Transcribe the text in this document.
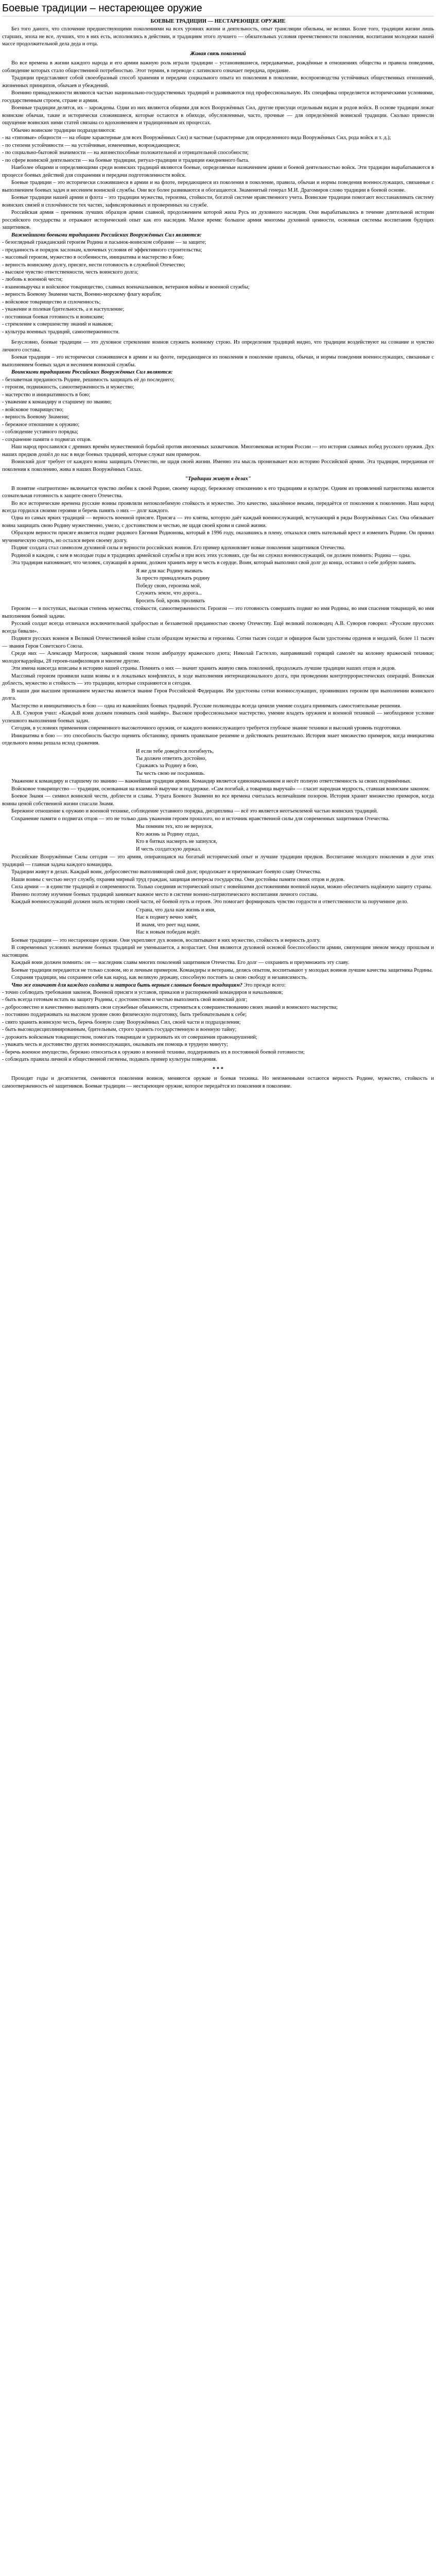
Боевые традиции – нестареющее оружие
БОЕВЫЕ ТРАДИЦИИ — НЕСТАРЕЮЩЕЕ ОРУЖИЕ

Без того даного, что сплочение предшествующими поколениями на всех уровнях жизни и деятельность, опыт трансляции обильны, не велики. Более того, традиции жизни лишь старших, эпоха не все, лучших, что в них есть, исполнялись в действии, и традициям этого лучшего — обязательных условия преемственности поколения, воспитания молодежи нашей массе продолжительной дела деда и отца.

Живая связь поколений

Во все времена в жизни каждого народа и его армии важную роль играли традиции – установившиеся, передаваемые, рождённые в отношениях общества и правила поведения, соблюдение которых стало общественной потребностью. Этот термин, в переводе с латинского означает передача, предание.

Традиции представляют собой своеобразный способ хранения и передачи социального опыта из поколения в поколение, воспроизводства устойчивых общественных отношений, жизненных принципов, обычаев и убеждений.

Военнно принадлежности являются частью национально-государственных традиций и развиваются под профессиональную. Их специфика определяется историческими условиями, государственным строем, стране и армии.

Военные традиции делятся, их – зарождены. Одни из них являются общими для всех Вооружённых Сил, другие присущи отдельным видам и родов войск. В основе традиции лежат воинские обычаи, такие и исторически сложившиеся, которые остаются в обиходе, обусловленные, часто, прочные — для определённой воинской традиции. Сколько принесли ощущение воинских ними статей связана со вдохновением и традиционным их процессах.

Обычно воинские традиции подразделяются:

- на «типовые» общности — на общие характерные для всех Вооружённых Сил) и частные (характерные для определенного вида Вооружённых Сил, рода войск и т. д.);

- по степени устойчивости — на устойчивые, изменчивые, возрождающиеся;

- по социально-бытовой значимости — на жизнеспособные положительной и отрицательной способности;

- по сфере воинской деятельности — на боевые традиции, ритуал-традиции и традиции ежедневного быта.

Наиболее общими и определяющими среди воинских традиций являются боевые, определяемые назначением армии и боевой деятельностью войск. Эти традиции вырабатываются в процессе боевых действий для сохранения и передачи подготовленности войск.

Боевые традиции – это исторически сложившиеся в армии и на флоте, передающиеся из поколения в поколение, правила, обычаи и нормы поведения военнослужащих, связанные с выполнением боевых задач и несением воинской службы. Они все более развиваются и обогащаются. Знаменитый генерал М.И. Драгомиров слово традиции в боевой основе.

Боевые традиции нашей армии и флота – это традиции мужества, героизма, стойкости, богатой системе нравственного учета. Воинские традиции помогают восстанавливать систему воинских связей и сплочённости тех частях, зафиксированных и проверенных на службе.

Российская армия – преемник лучших образцов армии славной, продолжением которой жила Русь из духовного наследия. Они вырабатывались в течение длительной истории российского государства и отражают исторический опыт как его наследия. Малое время: большое армия многомы духовной ценности, основная системы воспитания будущих защитников.

Важнейшими боевыми традициями Российских Вооружённых Сил являются:

- безоглядный гражданский героизм Родина и пасынок-воинском собрание — за защите;

- преданность и порядок заслонам, ключевых условия её эффективного строительства;

- массовый героизм, мужество в особенности, инициатива и мастерство в бою;

- верность воинскому долгу, присяге, нести готовность в служебной Отечество;

- высокое чувство ответственности, честь воинского долга;

- любовь к военной чести;

- взаимовыручка и войсковое товарищество, славных военачальников, ветеранов войны и военной службы;

- верность Боевому Знамени части, Военно-морскому флагу корабля;

- войсковое товарищество и сплоченность;

- уважение и полевая бдительность, а и наступление;

- постоянная боевая готовность и воинским;

- стремление к совершенству знаний и навыков;

- культура военных традиций, самоотверженности.

Безусловно, боевые традиции — это духовное стремление воинов служить военному строю. Из определения традиций видно, что традиции воздействуют на сознание и чувство личного состава.

Боевая традиция – это исторически сложившиеся в армии и на флоте, передающиеся из поколения в поколение правила, обычаи, и нормы поведения военнослужащих, связанные с выполнением боевых задач и несением воинской службы.

Воинскими традициями Российских Вооружённых Сил являются:

- беззаветная преданность Родине, решимость защищать её до последнего;

- героизм, подвижность, самоотверженность и мужество;

- мастерство и инициативность в бою;

- уважение к командиру и старшему по званию;

- войсковое товарищество;

- верность Боевому Знамени;

- бережное отношение к оружию;

- соблюдение уставного порядка;

- сохранение памяти о подвигах отцов.

Наш народ прославился с древних времён мужественной борьбой против иноземных захватчиков. Многовековая история России — это история славных побед русского оружия. Дух наших предков дошёл до нас в виде боевых традиций, которые служат нам примером.

Воинский долг требует от каждого воина защищать Отечество, не щадя своей жизни. Именно эта мысль пронизывает всю историю Российской армии. Эта традиция, переданная от поколения к поколению, жива в наших Вооружённых Силах.

"Традиции живут в делах"

В понятие «патриотизм» включается чувство любви к своей Родине, своему народу, бережному отношению к его традициям и культуре. Одним из проявлений патриотизма является сознательная готовность к защите своего Отечества.

Во все исторические времена русские воины проявляли непоколебимую стойкость и мужество. Это качество, закалённое веками, передаётся от поколения к поколению. Наш народ всегда гордился своими героями и беречь память о них — долг каждого.

Одна из самых ярких традиций — верность военной присяге. Присяга — это клятва, которую даёт каждый военнослужащий, вступающий в ряды Вооружённых Сил. Она обязывает воина защищать свою Родину мужественно, умело, с достоинством и честью, не щадя своей крови и самой жизни.

Образцом верности присяге является подвиг рядового Евгения Родионова, который в 1996 году, оказавшись в плену, отказался снять нательный крест и изменить Родине. Он принял мученическую смерть, но остался верен своему долгу.

Подвиг солдата стал символом духовной силы и верности российских воинов. Его пример вдохновляет новые поколения защитников Отечества.

Родиной в каждом, с кем в молодые годы в традициях армейской службы и при всех этих условиях, где бы ни служил военнослужащий, он должен помнить: Родина — одна.

Эта традиция напоминает, что человек, служащий в армии, должен хранить веру и честь в сердце. Воин, который выполнил свой долг до конца, оставил о себе добрую память.

Я же для нас Родину вызвать
За просто принадлежать родину
Победу свою, героизма мой,
Служить земле, что дорога...
Бросить бой, кровь проливать

Героизм — в поступках, высокая степень мужества, стойкости, самоотверженности. Героизм — это готовность совершить подвиг во имя Родины, во имя спасения товарищей, во имя выполнения боевой задачи.

Русский солдат всегда отличался исключительной храбростью и беззаветной преданностью своему Отечеству. Ещё великий полководец А.В. Суворов говорил: «Русские прусских всегда бивали».

Подвиги русских воинов в Великой Отечественной войне стали образцом мужества и героизма. Сотни тысяч солдат и офицеров были удостоены орденов и медалей, более 11 тысяч — звания Героя Советского Союза.

Среди них — Александр Матросов, закрывший своим телом амбразуру вражеского дзота; Николай Гастелло, направивший горящий самолёт на колонну вражеской техники; молодогвардейцы, 28 героев-панфиловцев и многие другие.

Эти имена навсегда вписаны в историю нашей страны. Помнить о них — значит хранить живую связь поколений, продолжать лучшие традиции наших отцов и дедов.

Массовый героизм проявили наши воины и в локальных конфликтах, в ходе выполнения интернационального долга, при проведении контртеррористических операций. Воинская доблесть, мужество и стойкость — это традиции, которые сохраняются и сегодня.

В наши дни высшим признанием мужества является звание Героя Российской Федерации. Им удостоены сотни военнослужащих, проявивших героизм при выполнении воинского долга.

Мастерство и инициативность в бою — одна из важнейших боевых традиций. Русские полководцы всегда ценили умение солдата принимать самостоятельные решения.

А.В. Суворов учил: «Каждый воин должен понимать свой манёвр». Высокое профессиональное мастерство, умение владеть оружием и военной техникой — необходимое условие успешного выполнения боевых задач.

Сегодня, в условиях применения современного высокоточного оружия, от каждого военнослужащего требуется глубокое знание техники и высокий уровень подготовки.

Инициатива в бою — это способность быстро оценить обстановку, принять правильное решение и действовать решительно. История знает множество примеров, когда инициатива отдельного воина решала исход сражения.

И если тебе доведётся погибнуть,
Ты должен ответить достойно,
Сражаясь за Родину в бою,
Ты честь свою не посрамишь.

Уважение к командиру и старшему по званию — важнейшая традиция армии. Командир является единоначальником и несёт полную ответственность за своих подчинённых.

Войсковое товарищество — традиция, основанная на взаимной выручке и поддержке. «Сам погибай, а товарища выручай» — гласит народная мудрость, ставшая воинским законом.

Боевое Знамя — символ воинской чести, доблести и славы. Утрата Боевого Знамени во все времена считалась величайшим позором. История хранит множество примеров, когда воины ценой собственной жизни спасали Знамя.

Бережное отношение к оружию и военной технике, соблюдение уставного порядка, дисциплина — всё это является неотъемлемой частью воинских традиций.

Сохранение памяти о подвигах отцов — это не только дань уважения героям прошлого, но и источник нравственной силы для современных защитников Отечества.

Мы помним тех, кто не вернулся,
Кто жизнь за Родину отдал,
Кто в битвах насмерть не запнулся,
И честь солдатскую держал.

Российские Вооружённые Силы сегодня — это армия, опирающаяся на богатый исторический опыт и лучшие традиции предков. Воспитание молодого поколения в духе этих традиций — главная задача каждого командира.

Традиции живут в делах. Каждый воин, добросовестно выполняющий свой долг, продолжает и приумножает боевую славу Отечества.

Наши воины с честью несут службу, охраняя мирный труд граждан, защищая интересы государства. Они достойны памяти своих отцов и дедов.

Сила армии — в единстве традиций и современности. Только соединив исторический опыт с новейшими достижениями военной науки, можно обеспечить надёжную защиту страны.

Именно поэтому изучение боевых традиций занимает важное место в системе военно-патриотического воспитания личного состава.

Каждый военнослужащий должен знать историю своей части, её боевой путь и героев. Это помогает формировать чувство гордости и ответственности за порученное дело.

Страна, что дала нам жизнь и имя,
Нас к подвигу вечно зовёт,
И знамя, что реет над нами,
Нас к новым победам ведёт.

Боевые традиции — это нестареющее оружие. Они укрепляют дух воинов, воспитывают в них мужество, стойкость и верность долгу.

В современных условиях значение боевых традиций не уменьшается, а возрастает. Они являются духовной основой боеспособности армии, связующим звеном между прошлым и настоящим.

Каждый воин должен помнить: он — наследник славы многих поколений защитников Отечества. Его долг — сохранить и приумножить эту славу.

Боевые традиции передаются не только словом, но и личным примером. Командиры и ветераны, делясь опытом, воспитывают у молодых воинов лучшие качества защитника Родины.

Сохраняя традиции, мы сохраняем себя как народ, как великую державу, способную постоять за свою свободу и независимость.

Что же означают для каждого солдата и матроса быть верным славным боевым традициям? Это прежде всего:

- точно соблюдать требования законов, Военной присяги и уставов, приказов и распоряжений командиров и начальников;

- быть всегда готовым встать на защиту Родины, с достоинством и честью выполнить свой воинский долг;

- добросовестно и качественно выполнять свои служебные обязанности, стремиться к совершенствованию своих знаний и воинского мастерства;

- постоянно поддерживать на высоком уровне свою физическую подготовку, быть требовательным к себе;

- свято хранить воинскую честь, беречь боевую славу Вооружённых Сил, своей части и подразделения;

- быть высокодисциплинированным, бдительным, строго хранить государственную и военную тайну;

- дорожить войсковым товариществом, помогать товарищам и удерживать их от совершения правонарушений;

- уважать честь и достоинство других военнослужащих, оказывать им помощь в трудную минуту;

- беречь военное имущество, бережно относиться к оружию и военной технике, поддерживать их в постоянной боевой готовности;

- соблюдать правила личной и общественной гигиены, подавать пример культуры поведения.

* * *

Проходят годы и десятилетия, сменяются поколения воинов, меняются оружие и боевая техника. Но неизменными остаются верность Родине, мужество, стойкость и самоотверженность её защитников. Боевые традиции — нестареющее оружие, которое передаётся из поколения в поколение.
